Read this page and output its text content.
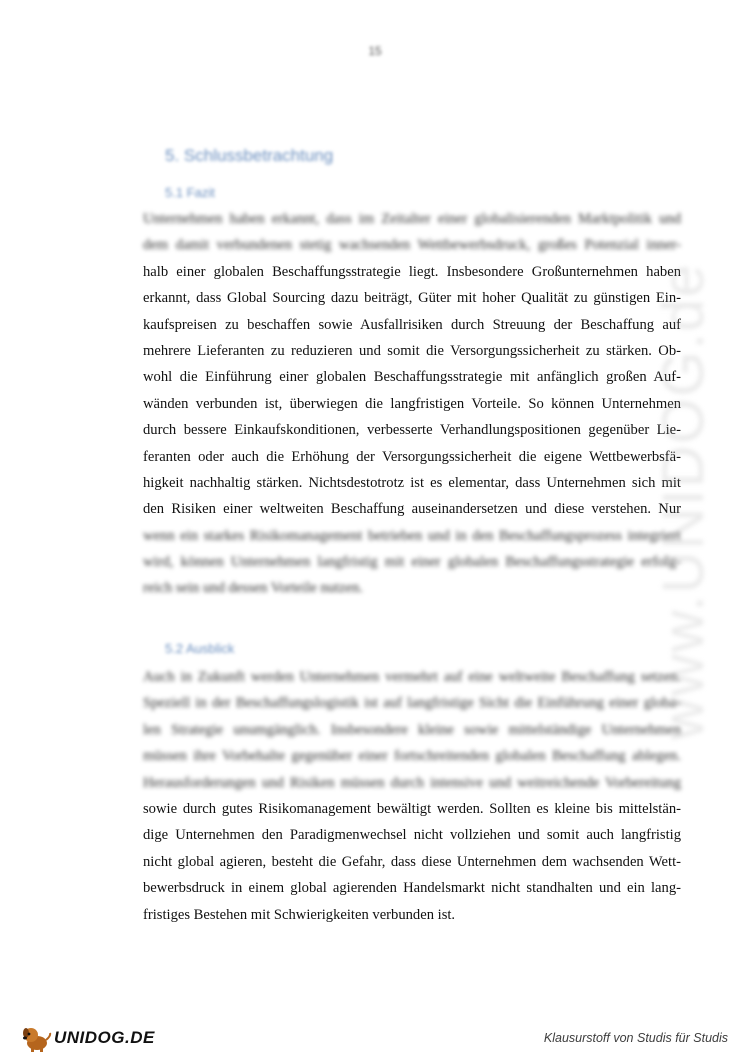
15
5. Schlussbetrachtung
5.1 Fazit
Unternehmen haben erkannt, dass im Zeitalter einer globalisierenden Marktpolitik und
dem damit verbundenen stetig wachsenden Wettbewerbsdruck, großes Potenzial inner-
halb einer globalen Beschaffungsstrategie liegt. Insbesondere Großunternehmen haben
erkannt, dass Global Sourcing dazu beiträgt, Güter mit hoher Qualität zu günstigen Ein-
kaufspreisen zu beschaffen sowie Ausfallrisiken durch Streuung der Beschaffung auf
mehrere Lieferanten zu reduzieren und somit die Versorgungssicherheit zu stärken. Ob-
wohl die Einführung einer globalen Beschaffungsstrategie mit anfänglich großen Auf-
wänden verbunden ist, überwiegen die langfristigen Vorteile. So können Unternehmen
durch bessere Einkaufskonditionen, verbesserte Verhandlungspositionen gegenüber Lie-
feranten oder auch die Erhöhung der Versorgungssicherheit die eigene Wettbewerbsfä-
higkeit nachhaltig stärken. Nichtsdestotrotz ist es elementar, dass Unternehmen sich mit
den Risiken einer weltweiten Beschaffung auseinandersetzen und diese verstehen. Nur
wenn ein starkes Risikomanagement betrieben und in den Beschaffungsprozess integriert
wird, können Unternehmen langfristig mit einer globalen Beschaffungsstrategie erfolg-
reich sein und dessen Vorteile nutzen.
5.2 Ausblick
Auch in Zukunft werden Unternehmen vermehrt auf eine weltweite Beschaffung setzen.
Speziell in der Beschaffungslogistik ist auf langfristige Sicht die Einführung einer globa-
len Strategie unumgänglich. Insbesondere kleine sowie mittelständige Unternehmen
müssen ihre Vorbehalte gegenüber einer fortschreitenden globalen Beschaffung ablegen.
Herausforderungen und Risiken müssen durch intensive und weitreichende Vorbereitung
sowie durch gutes Risikomanagement bewältigt werden. Sollten es kleine bis mittelstän-
dige Unternehmen den Paradigmenwechsel nicht vollziehen und somit auch langfristig
nicht global agieren, besteht die Gefahr, dass diese Unternehmen dem wachsenden Wett-
bewerbsdruck in einem global agierenden Handelsmarkt nicht standhalten und ein lang-
fristiges Bestehen mit Schwierigkeiten verbunden ist.
www.UNIDOG.de
UNIDOG.DE	Klausurstoff von Studis für Studis
